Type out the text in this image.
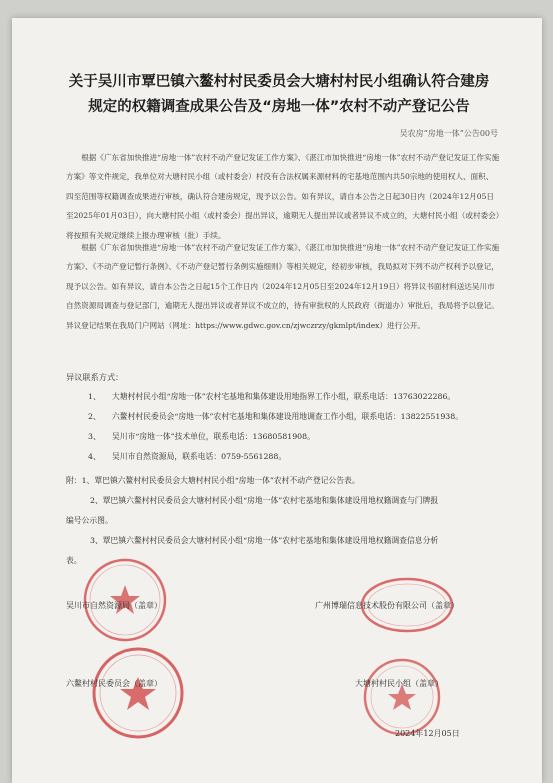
关于吴川市覃巴镇六鳌村村民委员会大塘村村民小组确认符合建房
规定的权籍调查成果公告及“房地一体”农村不动产登记公告
吴农房“房地一体”公告00号
根据《广东省加快推进“房地一体”农村不动产登记发证工作方案》、《湛江市加快推进“房地一体”农村不动产登记发证工作实施方案》等文件规定，我单位对大塘村民小组（或村委会）村没有合法权属来源材料的宅基地范围内共50宗地的使用权人、面积、四至范围等权籍调查成果进行审核，确认符合建房规定，现予以公告。如有异议，请自本公告之日起30日内（2024年12月05日至2025年01月03日），向大塘村民小组（或村委会）提出异议，逾期无人提出异议或者异议不成立的，大塘村民小组（或村委会）将按照有关规定继续上报办理审核（批）手续。
根据《广东省加快推进“房地一体”农村不动产登记发证工作方案》、《湛江市加快推进“房地一体”农村不动产登记发证工作实施方案》、《不动产登记暂行条例》、《不动产登记暂行条例实施细则》等相关规定，经初步审核，我局拟对下列不动产权利予以登记，现予以公告。如有异议，请自本公告之日起15个工作日内（2024年12月05日至2024年12月19日）将异议书面材料送达吴川市自然资源局调查与登记部门，逾期无人提出异议或者异议不成立的，待有审批权的人民政府（街道办）审批后，我局将予以登记。异议登记结果在我局门户网站（网址：https://www.gdwc.gov.cn/zjwczrzy/gkmlpt/index）进行公开。
异议联系方式：
1、 大塘村村民小组“房地一体”农村宅基地和集体建设用地指界工作小组，联系电话：13763022286。
2、 六鳌村村民委员会“房地一体”农村宅基地和集体建设用地调查工作小组，联系电话：13822551938。
3、 吴川市“房地一体”技术单位，联系电话：13680581908。
4、 吴川市自然资源局，联系电话：0759-5561288。
附：1、覃巴镇六鳌村村民委员会大塘村村民小组“房地一体”农村不动产登记公告表。
2、覃巴镇六鳌村村民委员会大塘村村民小组“房地一体”农村宅基地和集体建设用地权籍调查与门牌报
编号公示图。
3、覃巴镇六鳌村村民委员会大塘村村民小组“房地一体”农村宅基地和集体建设用地权籍调查信息分析
表。
吴川市自然资源局（盖章）	广州博瑞信息技术股份有限公司（盖章）
六鳌村村民委员会（盖章）	大塘村村民小组（盖章）
2024年12月05日
